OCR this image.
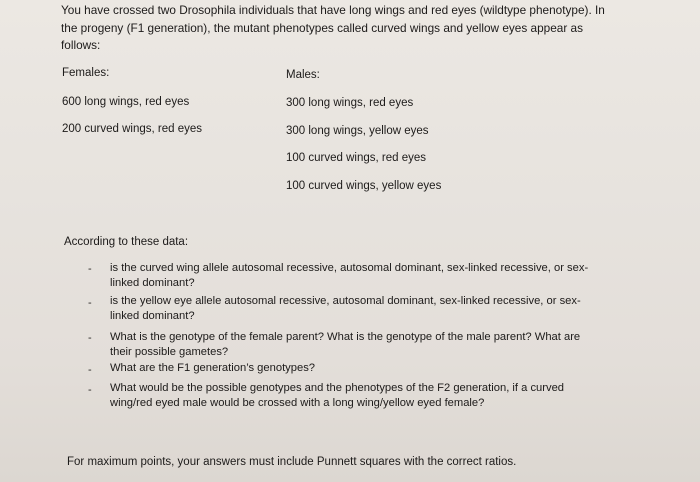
You have crossed two Drosophila individuals that have long wings and red eyes (wildtype phenotype). In
the progeny (F1 generation), the mutant phenotypes called curved wings and yellow eyes appear as
follows:
Females:
600 long wings, red eyes
200 curved wings, red eyes
Males:
300 long wings, red eyes
300 long wings, yellow eyes
100 curved wings, red eyes
100 curved wings, yellow eyes
According to these data:
- is the curved wing allele autosomal recessive, autosomal dominant, sex-linked recessive, or sex-
linked dominant?
- is the yellow eye allele autosomal recessive, autosomal dominant, sex-linked recessive, or sex-
linked dominant?
- What is the genotype of the female parent? What is the genotype of the male parent? What are
their possible gametes?
- What are the F1 generation’s genotypes?
- What would be the possible genotypes and the phenotypes of the F2 generation, if a curved
wing/red eyed male would be crossed with a long wing/yellow eyed female?
For maximum points, your answers must include Punnett squares with the correct ratios.
